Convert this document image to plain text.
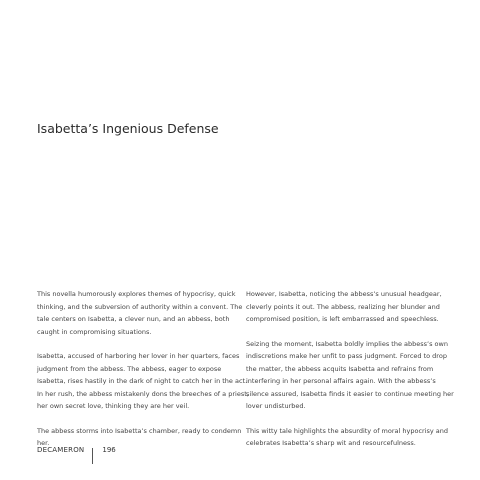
Isabetta’s Ingenious Defense

This novella humorously explores themes of hypocrisy, quick thinking, and the subversion of authority within a convent. The tale centers on Isabetta, a clever nun, and an abbess, both caught in compromising situations.

Isabetta, accused of harboring her lover in her quarters, faces judgment from the abbess. The abbess, eager to expose Isabetta, rises hastily in the dark of night to catch her in the act. In her rush, the abbess mistakenly dons the breeches of a priest, her own secret love, thinking they are her veil.

The abbess storms into Isabetta’s chamber, ready to condemn her.

However, Isabetta, noticing the abbess’s unusual headgear, cleverly points it out. The abbess, realizing her blunder and compromised position, is left embarrassed and speechless.

Seizing the moment, Isabetta boldly implies the abbess’s own indiscretions make her unfit to pass judgment. Forced to drop the matter, the abbess acquits Isabetta and refrains from interfering in her personal affairs again. With the abbess’s silence assured, Isabetta finds it easier to continue meeting her lover undisturbed.

This witty tale highlights the absurdity of moral hypocrisy and celebrates Isabetta’s sharp wit and resourcefulness.

DECAMERON	196
